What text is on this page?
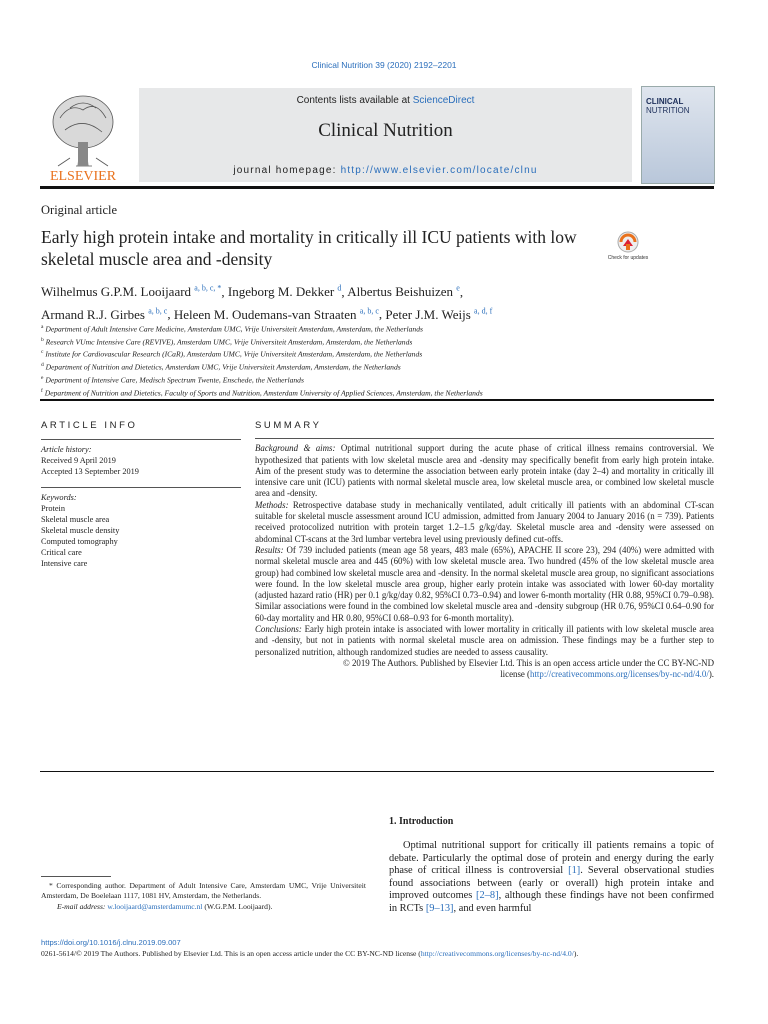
Clinical Nutrition 39 (2020) 2192–2201
ELSEVIER
Contents lists available at ScienceDirect
Clinical Nutrition
journal homepage: http://www.elsevier.com/locate/clnu
CLINICAL
NUTRITION
Original article
Early high protein intake and mortality in critically ill ICU patients with low skeletal muscle area and -density	Check for updates
Wilhelmus G.P.M. Looijaard $^{a, b, c, *}$, Ingeborg M. Dekker $^d$, Albertus Beishuizen $^e$,
Armand R.J. Girbes $^{a, b, c}$, Heleen M. Oudemans-van Straaten $^{a, b, c}$, Peter J.M. Weijs $^{a, d, f}$
$^a$ Department of Adult Intensive Care Medicine, Amsterdam UMC, Vrije Universiteit Amsterdam, Amsterdam, the Netherlands
$^b$ Research VUmc Intensive Care (REVIVE), Amsterdam UMC, Vrije Universiteit Amsterdam, Amsterdam, the Netherlands
$^c$ Institute for Cardiovascular Research (ICaR), Amsterdam UMC, Vrije Universiteit Amsterdam, Amsterdam, the Netherlands
$^d$ Department of Nutrition and Dietetics, Amsterdam UMC, Vrije Universiteit Amsterdam, Amsterdam, the Netherlands
$^e$ Department of Intensive Care, Medisch Spectrum Twente, Enschede, the Netherlands
$^f$ Department of Nutrition and Dietetics, Faculty of Sports and Nutrition, Amsterdam University of Applied Sciences, Amsterdam, the Netherlands
ARTICLE INFO
Article history:
Received 9 April 2019
Accepted 13 September 2019
Keywords:
Protein
Skeletal muscle area
Skeletal muscle density
Computed tomography
Critical care
Intensive care
SUMMARY

Background & aims: Optimal nutritional support during the acute phase of critical illness remains controversial. We hypothesized that patients with low skeletal muscle area and -density may specifically benefit from early high protein intake. Aim of the present study was to determine the association between early protein intake (day 2–4) and mortality in critically ill intensive care unit (ICU) patients with normal skeletal muscle area, low skeletal muscle area, or combined low skeletal muscle area and -density.

Methods: Retrospective database study in mechanically ventilated, adult critically ill patients with an abdominal CT-scan suitable for skeletal muscle assessment around ICU admission, admitted from January 2004 to January 2016 (n = 739). Patients received protocolized nutrition with protein target 1.2–1.5 g/kg/day. Skeletal muscle area and -density were assessed on abdominal CT-scans at the 3rd lumbar vertebra level using previously defined cut-offs.

Results: Of 739 included patients (mean age 58 years, 483 male (65%), APACHE II score 23), 294 (40%) were admitted with normal skeletal muscle area and 445 (60%) with low skeletal muscle area. Two hundred (45% of the low skeletal muscle area group) had combined low skeletal muscle area and -density. In the normal skeletal muscle area group, no significant associations were found. In the low skeletal muscle area group, higher early protein intake was associated with lower 60-day mortality (adjusted hazard ratio (HR) per 0.1 g/kg/day 0.82, 95%CI 0.73–0.94) and lower 6-month mortality (HR 0.88, 95%CI 0.79–0.98). Similar associations were found in the combined low skeletal muscle area and -density subgroup (HR 0.76, 95%CI 0.64–0.90 for 60-day mortality and HR 0.80, 95%CI 0.68–0.93 for 6-month mortality).

Conclusions: Early high protein intake is associated with lower mortality in critically ill patients with low skeletal muscle area and -density, but not in patients with normal skeletal muscle area on admission. These findings may be a further step to personalized nutrition, although randomized studies are needed to assess causality.

© 2019 The Authors. Published by Elsevier Ltd. This is an open access article under the CC BY-NC-ND
license (http://creativecommons.org/licenses/by-nc-nd/4.0/).

1. Introduction
Optimal nutritional support for critically ill patients remains a topic of debate. Particularly the optimal dose of protein and energy during the early phase of critical illness is controversial [1]. Several observational studies found associations between (early or overall) high protein intake and improved outcomes [2–8], although these findings have not been confirmed in RCTs [9–13], and even harmful
* Corresponding author. Department of Adult Intensive Care, Amsterdam UMC, Vrije Universiteit Amsterdam, De Boelelaan 1117, 1081 HV, Amsterdam, the Netherlands.
E-mail address: w.looijaard@amsterdamumc.nl (W.G.P.M. Looijaard).
https://doi.org/10.1016/j.clnu.2019.09.007
0261-5614/© 2019 The Authors. Published by Elsevier Ltd. This is an open access article under the CC BY-NC-ND license (http://creativecommons.org/licenses/by-nc-nd/4.0/).
